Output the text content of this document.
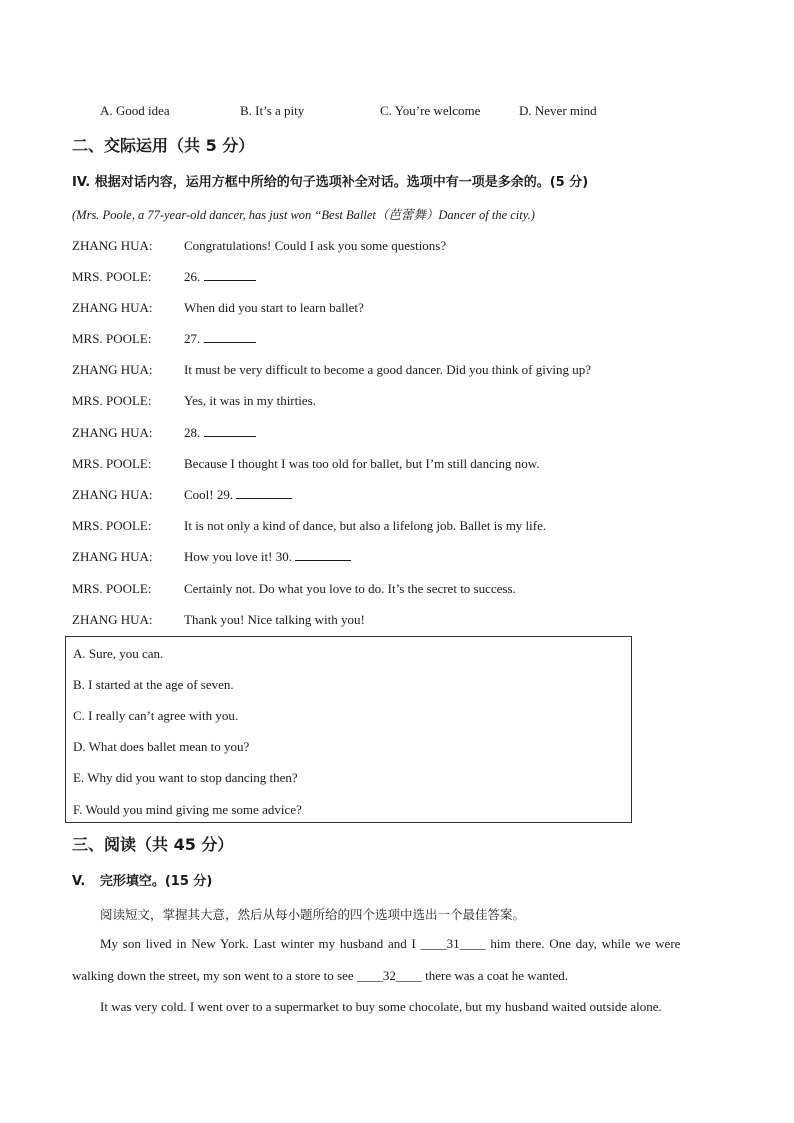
A. Good idea	B. It’s a pity	C. You’re welcome	D. Never mind
二、交际运用（共 5 分）
IV. 根据对话内容，运用方框中所给的句子选项补全对话。选项中有一项是多余的。(5 分)
(Mrs. Poole, a 77-year-old dancer, has just won “Best Ballet（芭蕾舞）Dancer of the city.)
ZHANG HUA: Congratulations! Could I ask you some questions?
MRS. POOLE:	26.
ZHANG HUA: When did you start to learn ballet?
MRS. POOLE:	27.
ZHANG HUA: It must be very difficult to become a good dancer. Did you think of giving up?
MRS. POOLE:	Yes, it was in my thirties.
ZHANG HUA: 28.
MRS. POOLE:	Because I thought I was too old for ballet, but I’m still dancing now.
ZHANG HUA: Cool! 29.
MRS. POOLE:	It is not only a kind of dance, but also a lifelong job. Ballet is my life.
ZHANG HUA: How you love it! 30.
MRS. POOLE:	Certainly not. Do what you love to do. It’s the secret to success.
ZHANG HUA: Thank you! Nice talking with you!
A. Sure, you can.
B. I started at the age of seven.
C. I really can’t agree with you.
D. What does ballet mean to you?
E. Why did you want to stop dancing then?
F. Would you mind giving me some advice?
三、阅读（共 45 分）
V. 完形填空。(15 分)
阅读短文，掌握其大意，然后从每小题所给的四个选项中选出一个最佳答案。
My son lived in New York. Last winter my husband and I ____31____ him there. One day, while we were
walking down the street, my son went to a store to see ____32____ there was a coat he wanted.
It was very cold. I went over to a supermarket to buy some chocolate, but my husband waited outside alone.
